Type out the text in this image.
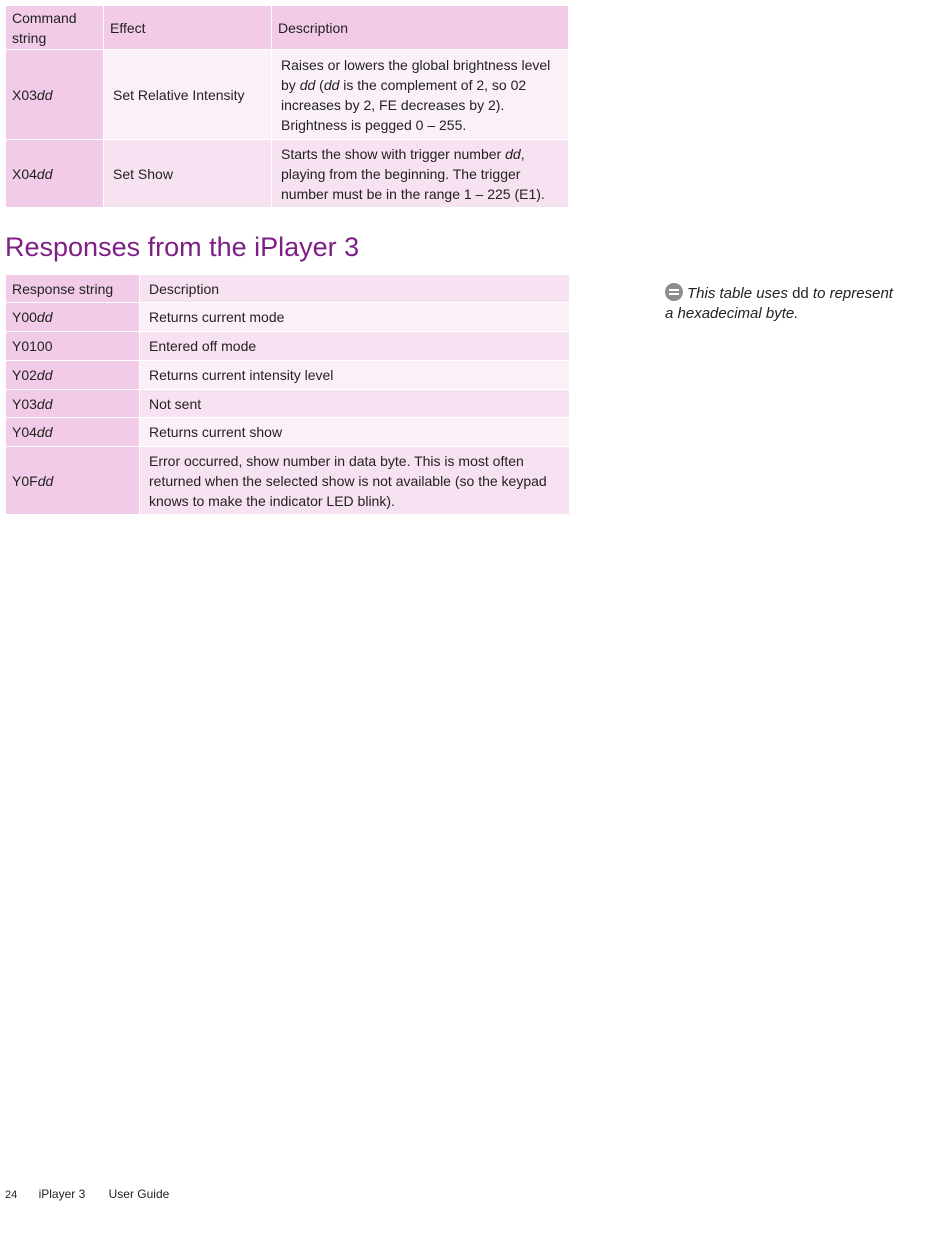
Command string	Effect	Description
X03dd	Set Relative Intensity	Raises or lowers the global brightness level by dd (dd is the complement of 2, so 02 increases by 2, FE decreases by 2). Brightness is pegged 0 – 255.
X04dd	Set Show	Starts the show with trigger number dd, playing from the beginning. The trigger number must be in the range 1 – 225 (E1).
Responses from the iPlayer 3
Response string	Description
Y00dd	Returns current mode
Y0100	Entered off mode
Y02dd	Returns current intensity level
Y03dd	Not sent
Y04dd	Returns current show
Y0Fdd	Error occurred, show number in data byte. This is most often returned when the selected show is not available (so the keypad knows to make the indicator LED blink).
This table uses dd to represent a hexadecimal byte.
24 iPlayer 3 User Guide
